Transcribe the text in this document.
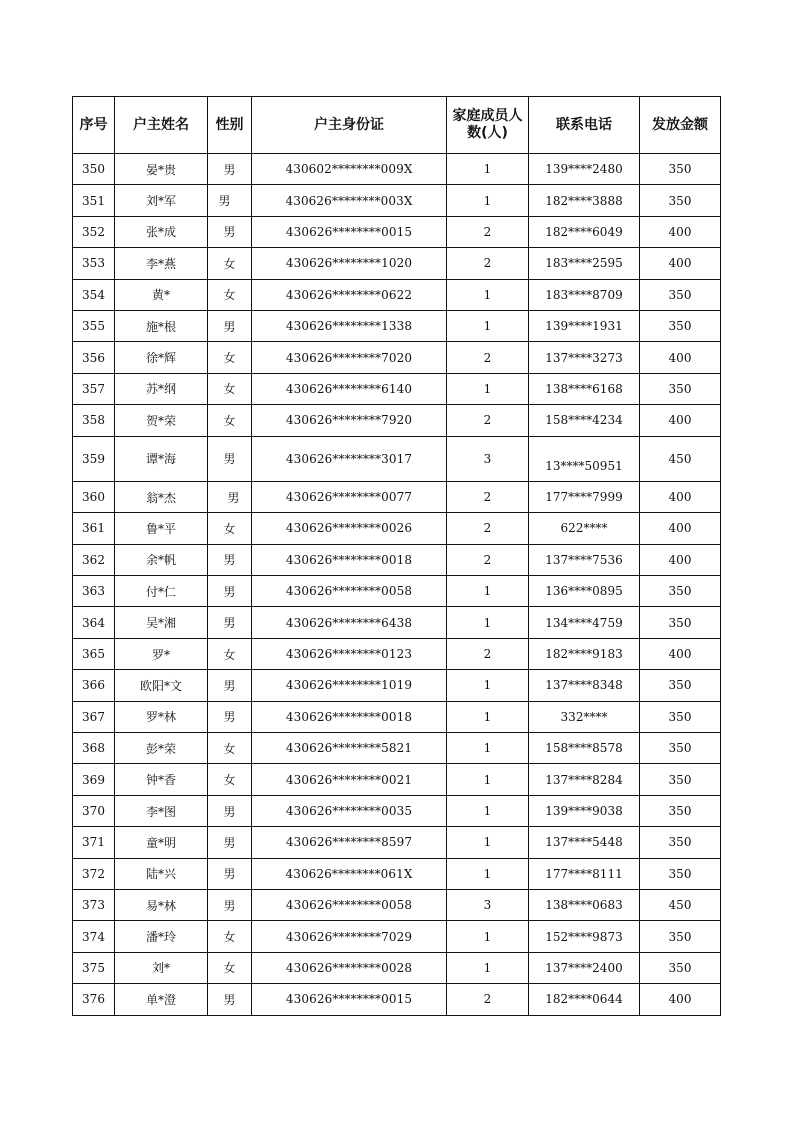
序号	户主姓名	性别	户主身份证	家庭成员人数(人)	联系电话	发放金额
350	晏*贵	男	430602********009X	1	139****2480	350
351	刘*军	男	430626********003X	1	182****3888	350
352	张*成	男	430626********0015	2	182****6049	400
353	李*燕	女	430626********1020	2	183****2595	400
354	黄*	女	430626********0622	1	183****8709	350
355	施*根	男	430626********1338	1	139****1931	350
356	徐*辉	女	430626********7020	2	137****3273	400
357	苏*纲	女	430626********6140	1	138****6168	350
358	贺*荣	女	430626********7920	2	158****4234	400
359	谭*海	男	430626********3017	3	13****50951	450
360	翁*杰	男	430626********0077	2	177****7999	400
361	鲁*平	女	430626********0026	2	622****	400
362	余*帆	男	430626********0018	2	137****7536	400
363	付*仁	男	430626********0058	1	136****0895	350
364	吴*湘	男	430626********6438	1	134****4759	350
365	罗*	女	430626********0123	2	182****9183	400
366	欧阳*文	男	430626********1019	1	137****8348	350
367	罗*林	男	430626********0018	1	332****	350
368	彭*荣	女	430626********5821	1	158****8578	350
369	钟*香	女	430626********0021	1	137****8284	350
370	李*图	男	430626********0035	1	139****9038	350
371	童*明	男	430626********8597	1	137****5448	350
372	陆*兴	男	430626********061X	1	177****8111	350
373	易*林	男	430626********0058	3	138****0683	450
374	潘*玲	女	430626********7029	1	152****9873	350
375	刘*	女	430626********0028	1	137****2400	350
376	单*澄	男	430626********0015	2	182****0644	400
